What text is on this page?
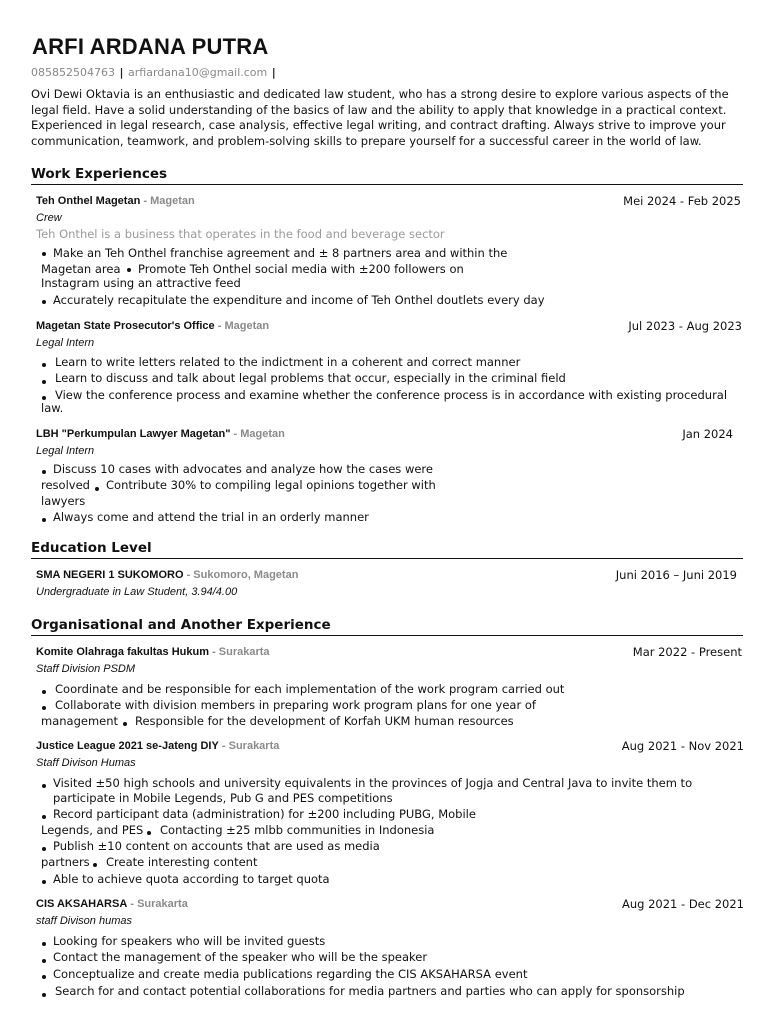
ARFI ARDANA PUTRA
085852504763 | arfiardana10@gmail.com |

Ovi Dewi Oktavia is an enthusiastic and dedicated law student, who has a strong desire to explore various aspects of the legal field. Have a solid understanding of the basics of law and the ability to apply that knowledge in a practical context. Experienced in legal research, case analysis, effective legal writing, and contract drafting. Always strive to improve your communication, teamwork, and problem-solving skills to prepare yourself for a successful career in the world of law.

Work Experiences
Teh Onthel Magetan - Magetan	Mei 2024 - Feb 2025
Crew
Teh Onthel is a business that operates in the food and beverage sector
Make an Teh Onthel franchise agreement and ± 8 partners area and within the
Magetan area Promote Teh Onthel social media with ±200 followers on
Instagram using an attractive feed
Accurately recapitulate the expenditure and income of Teh Onthel doutlets every day
Magetan State Prosecutor's Office - Magetan	Jul 2023 - Aug 2023
Legal Intern
Learn to write letters related to the indictment in a coherent and correct manner
Learn to discuss and talk about legal problems that occur, especially in the criminal field
View the conference process and examine whether the conference process is in accordance with existing procedural
law.
LBH "Perkumpulan Lawyer Magetan" - Magetan	Jan 2024
Legal Intern
Discuss 10 cases with advocates and analyze how the cases were
resolved Contribute 30% to compiling legal opinions together with
lawyers
Always come and attend the trial in an orderly manner
Education Level
SMA NEGERI 1 SUKOMORO - Sukomoro, Magetan	Juni 2016 – Juni 2019
Undergraduate in Law Student, 3.94/4.00
Organisational and Another Experience
Komite Olahraga fakultas Hukum - Surakarta	Mar 2022 - Present
Staff Division PSDM
Coordinate and be responsible for each implementation of the work program carried out
Collaborate with division members in preparing work program plans for one year of
management Responsible for the development of Korfah UKM human resources
Justice League 2021 se-Jateng DIY - Surakarta	Aug 2021 - Nov 2021
Staff Divison Humas
Visited ±50 high schools and university equivalents in the provinces of Jogja and Central Java to invite them to
participate in Mobile Legends, Pub G and PES competitions
Record participant data (administration) for ±200 including PUBG, Mobile
Legends, and PES Contacting ±25 mlbb communities in Indonesia
Publish ±10 content on accounts that are used as media
partners Create interesting content
Able to achieve quota according to target quota
CIS AKSAHARSA - Surakarta	Aug 2021 - Dec 2021
staff Divison humas
Looking for speakers who will be invited guests
Contact the management of the speaker who will be the speaker
Conceptualize and create media publications regarding the CIS AKSAHARSA event
Search for and contact potential collaborations for media partners and parties who can apply for sponsorship
